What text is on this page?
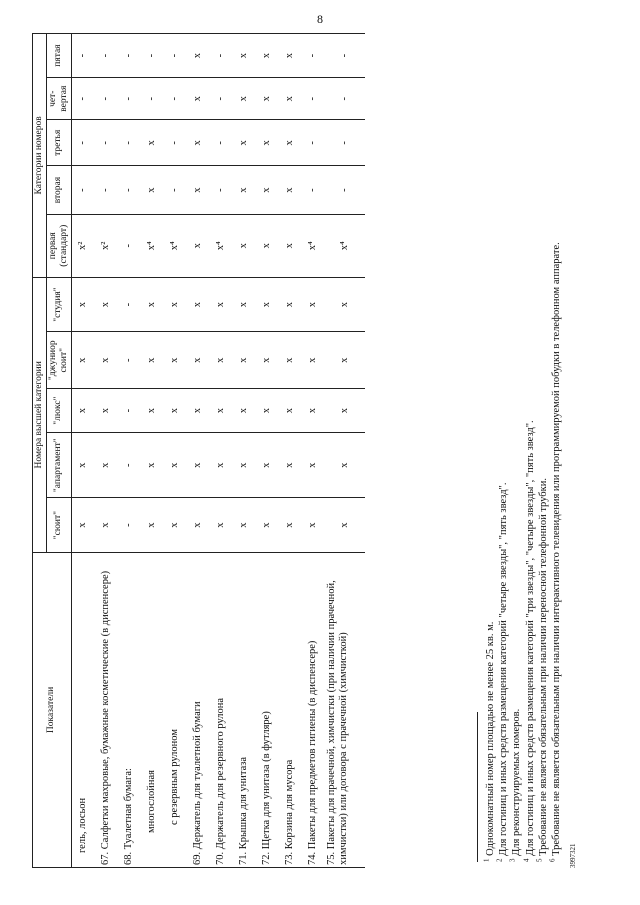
8
Показатели	Номера высшей категории					Категории номеров				
	"сюит"	"апартамент"	"люкс"	"джуниор сюит"	"студия"	первая (стандарт)	вторая	третья	чет-вертая	пятая
гель, лосьон	x	x	x	x	x	x²	-	-	-	-
67. Салфетки махровые, бумажные косметические (в диспенсере)	x	x	x	x	x	x²	-	-	-	-
68. Туалетная бумага:	-	-	-	-	-	-	-	-	-	-
многослойная	x	x	x	x	x	x⁴	x	x	-	-
с резервным рулоном	x	x	x	x	x	x⁴	-	-	-	-
69. Держатель для туалетной бумаги	x	x	x	x	x	x	x	x	x	x
70. Держатель для резервного рулона	x	x	x	x	x	x⁴	-	-	-	-
71. Крышка для унитаза	x	x	x	x	x	x	x	x	x	x
72. Щетка для унитаза (в футляре)	x	x	x	x	x	x	x	x	x	x
73. Корзина для мусора	x	x	x	x	x	x	x	x	x	x
74. Пакеты для предметов гигиены (в диспенсере)	x	x	x	x	x	x⁴	-	-	-	-
75. Пакеты для прачечной, химчистки (при наличии прачечной, химчистки) или договора с прачечной (химчисткой)	x	x	x	x	x	x⁴	-	-	-	-
$^1$ Однокомнатный номер площадью не менее 25 кв. м.
$^2$ Для гостиниц и иных средств размещения категорий "четыре звезды", "пять звезд".
$^3$ Для реконструируемых номеров.
$^4$ Для гостиниц и иных средств размещения категорий "три звезды", "четыре звезды", "пять звезд".
$^5$ Требование не является обязательным при наличии переносной телефонной трубки.
$^6$ Требование не является обязательным при наличии интерактивного телевидения или программируемой побудки в телефонном аппарате. 3997321
